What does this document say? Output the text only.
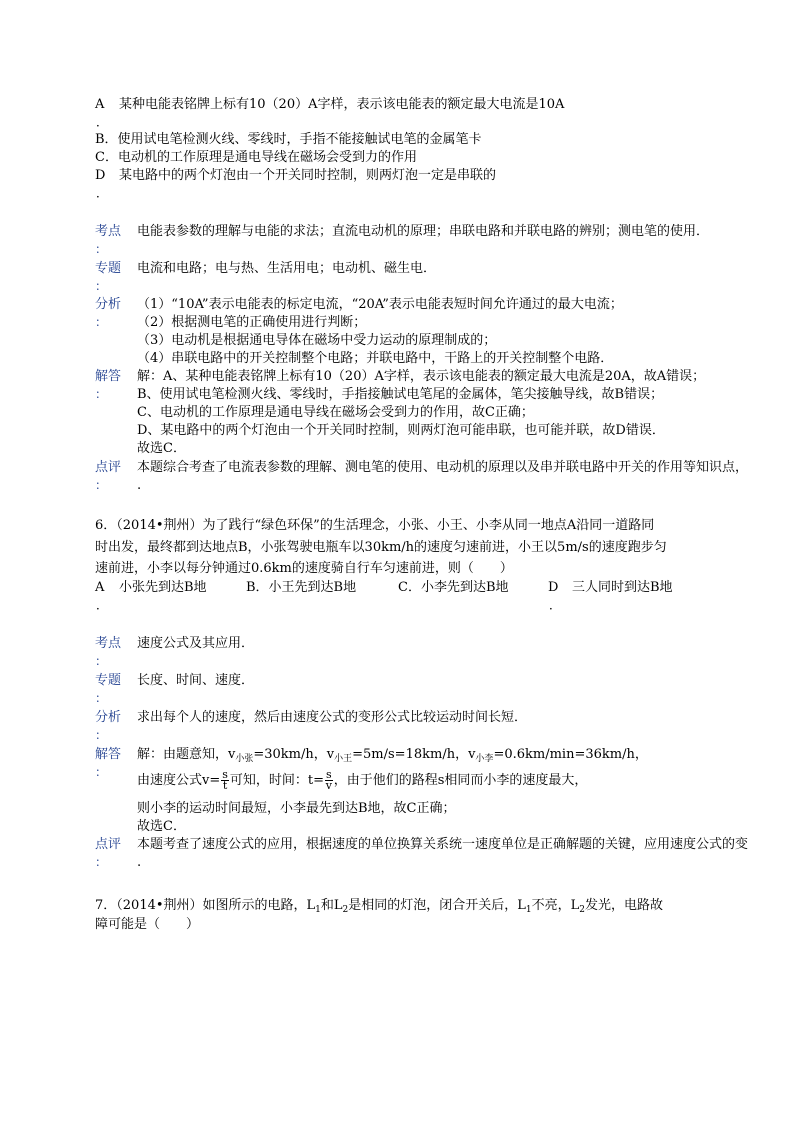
A 某种电能表铭牌上标有10（20）A字样，表示该电能表的额定最大电流是10A
．
B．使用试电笔检测火线、零线时，手指不能接触试电笔的金属笔卡
C．电动机的工作原理是通电导线在磁场会受到力的作用
D 某电路中的两个灯泡由一个开关同时控制，则两灯泡一定是串联的
．
考点
：
电能表参数的理解与电能的求法；直流电动机的原理；串联电路和并联电路的辨别；测电笔的使用．
专题
：
电流和电路；电与热、生活用电；电动机、磁生电．
分析
：
（1）“10A”表示电能表的标定电流，“20A”表示电能表短时间允许通过的最大电流；
（2）根据测电笔的正确使用进行判断；
（3）电动机是根据通电导体在磁场中受力运动的原理制成的；
（4）串联电路中的开关控制整个电路；并联电路中，干路上的开关控制整个电路．
解答
：
解：A、某种电能表铭牌上标有10（20）A字样，表示该电能表的额定最大电流是20A，故A错误；
B、使用试电笔检测火线、零线时，手指接触试电笔尾的金属体，笔尖接触导线，故B错误；
C、电动机的工作原理是通电导线在磁场会受到力的作用，故C正确；
D、某电路中的两个灯泡由一个开关同时控制，则两灯泡可能串联，也可能并联，故D错误．
故选C．
点评
：
本题综合考查了电流表参数的理解、测电笔的使用、电动机的原理以及串并联电路中开关的作用等知识点，
.
6．（2014•荆州）为了践行“绿色环保”的生活理念，小张、小王、小李从同一地点A沿同一道路同
时出发，最终都到达地点B，小张驾驶电瓶车以30km/h的速度匀速前进，小王以5m/s的速度跑步匀
速前进，小李以每分钟通过0.6km的速度骑自行车匀速前进，则（　　）
A 小张先到达B地
．
B．小王先到达B地	C．小李先到达B地	D 三人同时到达B地
．
考点
：
速度公式及其应用．
专题
：
长度、时间、速度．
分析
：
求出每个人的速度，然后由速度公式的变形公式比较运动时间长短．
解答
：
解：由题意知，$v_{小张}=30km/h$，$v_{小王}=5m/s=18km/h$，$v_{小李}=0.6km/\min=36km/h$，
由速度公式$v= \frac{s}{t}$ 可知，时间：$t= \frac{s}{v}$ ，由于他们的路程s相同而小李的速度最大，
则小李的运动时间最短，小李最先到达B地，故C正确；
故选C．
点评
：
本题考查了速度公式的应用，根据速度的单位换算关系统一速度单位是正确解题的关键，应用速度公式的变
.
7．（2014•荆州）如图所示的电路，$L_1$和$L_2$是相同的灯泡，闭合开关后，$L_1$不亮，$L_2$发光，电路故
障可能是（　　）
